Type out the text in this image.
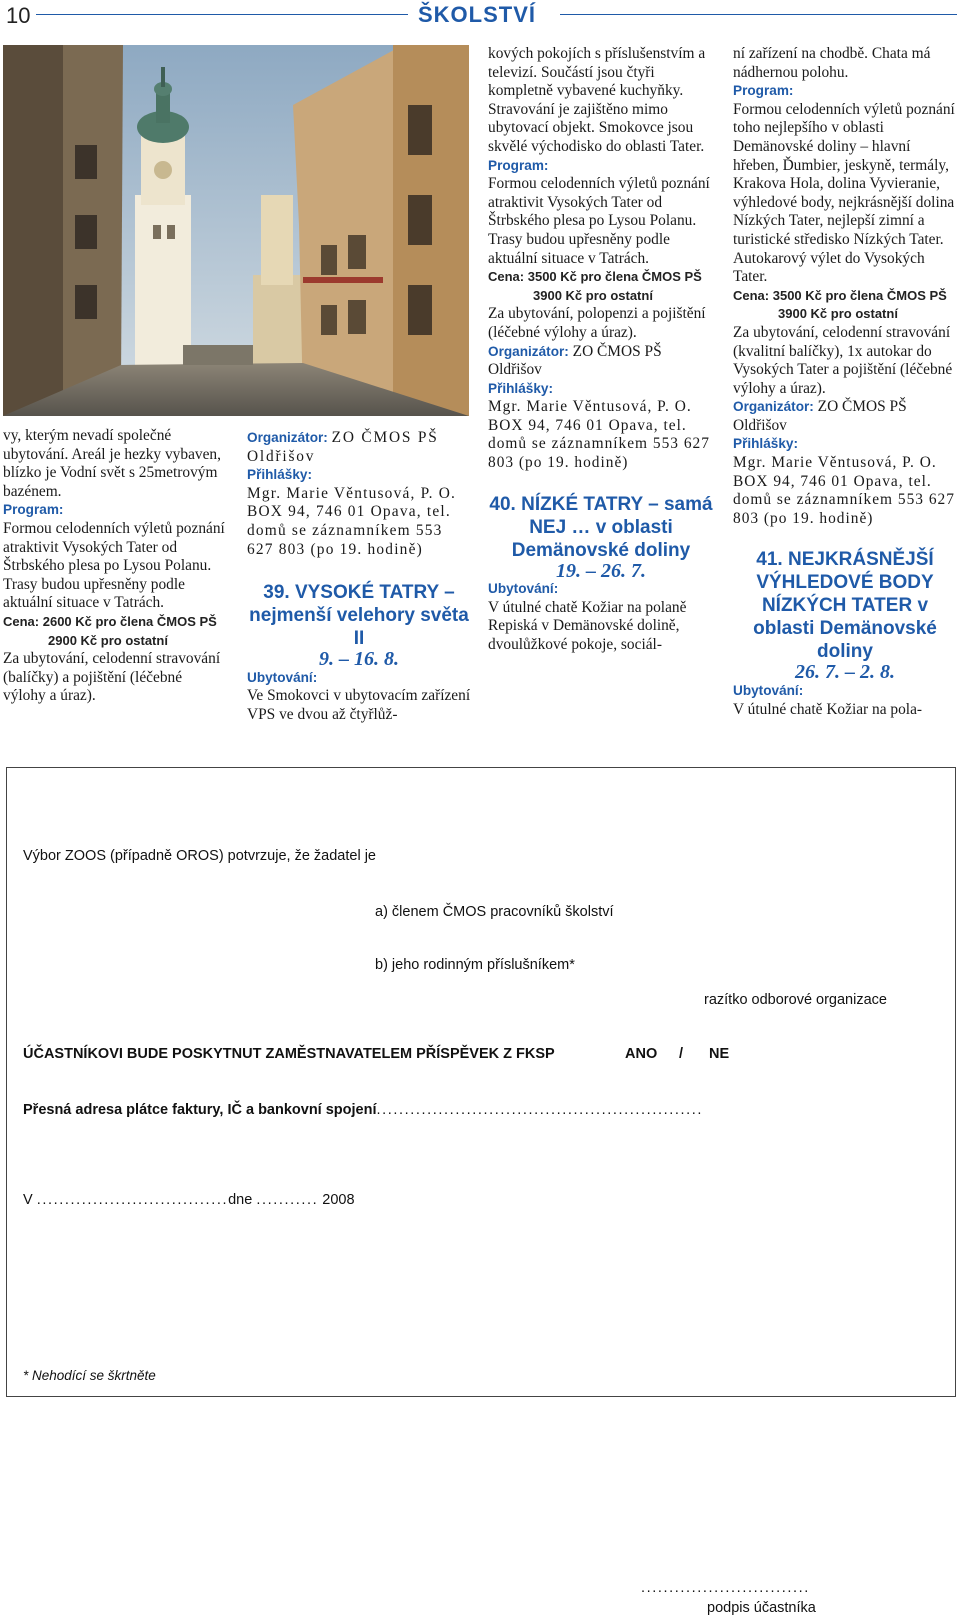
10	ŠKOLSTVÍ

vy, kterým nevadí společné ubytování. Areál je hezky vybaven, blízko je Vodní svět s 25metrovým bazénem.

Program:

Formou celodenních výletů poznání atraktivit Vysokých Tater od Štrbského plesa po Lysou Polanu. Trasy budou upřesněny podle aktuální situace v Tatrách.

Cena: 2600 Kč pro člena ČMOS PŠ

2900 Kč pro ostatní

Za ubytování, celodenní stravování (balíčky) a pojištění (léčebné výlohy a úraz).

Organizátor: ZO ČMOS PŠ Oldřišov

Přihlášky:

Mgr. Marie Věntusová, P. O. BOX 94, 746 01 Opava, tel. domů se záznamníkem 553 627 803 (po 19. hodině)

39. VYSOKÉ TATRY – nejmenší velehory světa II

9. – 16. 8.

Ubytování:

Ve Smokovci v ubytovacím zařízení VPS ve dvou až čtyřlůž-

kových pokojích s příslušenstvím a televizí. Součástí jsou čtyři kompletně vybavené kuchyňky. Stravování je zajištěno mimo ubytovací objekt. Smokovce jsou skvělé východisko do oblasti Tater.

Program:

Formou celodenních výletů poznání atraktivit Vysokých Tater od Štrbského plesa po Lysou Polanu. Trasy budou upřesněny podle aktuální situace v Tatrách.

Cena: 3500 Kč pro člena ČMOS PŠ

3900 Kč pro ostatní

Za ubytování, polopenzi a pojištění (léčebné výlohy a úraz).

Organizátor: ZO ČMOS PŠ Oldřišov

Přihlášky:

Mgr. Marie Věntusová, P. O. BOX 94, 746 01 Opava, tel. domů se záznamníkem 553 627 803 (po 19. hodině)

40. NÍZKÉ TATRY – samá NEJ … v oblasti Demänovské doliny

19. – 26. 7.

Ubytování:

V útulné chatě Kožiar na polaně Repiská v Demänovské dolině, dvoulůžkové pokoje, sociál-

ní zařízení na chodbě. Chata má nádhernou polohu.

Program:

Formou celodenních výletů poznání toho nejlepšího v oblasti Demänovské doliny – hlavní hřeben, Ďumbier, jeskyně, termály, Krakova Hola, dolina Vyvieranie, výhledové body, nejkrásnější dolina Nízkých Tater, nejlepší zimní a turistické středisko Nízkých Tater. Autokarový výlet do Vysokých Tater.

Cena: 3500 Kč pro člena ČMOS PŠ

3900 Kč pro ostatní

Za ubytování, celodenní stravování (kvalitní balíčky), 1x autokar do Vysokých Tater a pojištění (léčebné výlohy a úraz).

Organizátor: ZO ČMOS PŠ Oldřišov

Přihlášky:

Mgr. Marie Věntusová, P. O. BOX 94, 746 01 Opava, tel. domů se záznamníkem 553 627 803 (po 19. hodině)

41. NEJKRÁSNĚJŠÍ VÝHLEDOVÉ BODY NÍZKÝCH TATER v oblasti Demänovské doliny

26. 7. – 2. 8.

Ubytování:

V útulné chatě Kožiar na pola-

Výbor ZOOS (případně OROS) potvrzuje, že žadatel je
a) členem ČMOS pracovníků školství
b) jeho rodinným příslušníkem*
razítko odborové organizace
ÚČASTNÍKOVI BUDE POSKYTNUT ZAMĚSTNAVATELEM PŘÍSPĚVEK Z FKSP	ANO / NE
Přesná adresa plátce faktury, IČ a bankovní spojení..........................................................
V ..................................dne ........... 2008
..............................
podpis účastníka
* Nehodící se škrtněte
